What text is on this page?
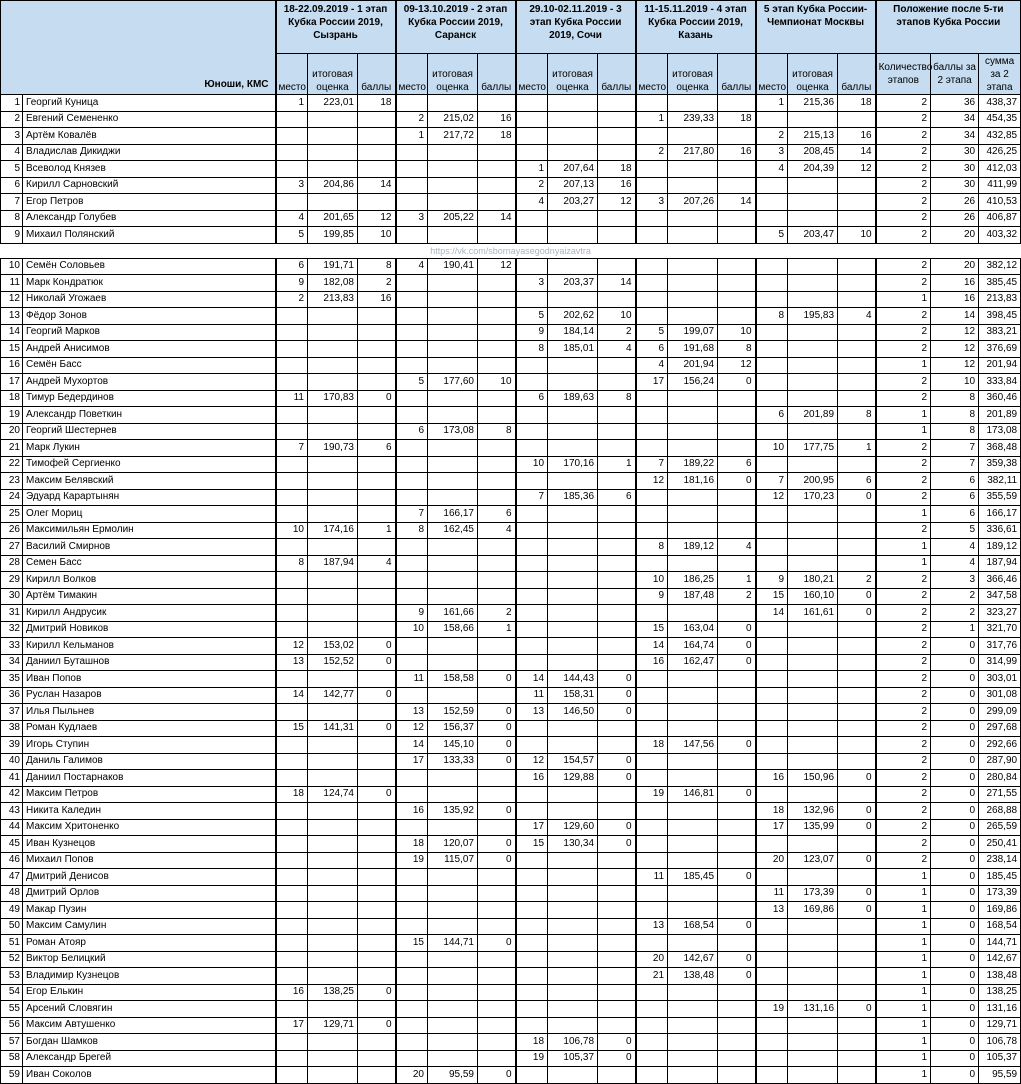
Юноши, КМС		18-22.09.2019 - 1 этап Кубка России 2019, Сызрань			09-13.10.2019 - 2 этап Кубка России 2019, Саранск			29.10-02.11.2019 - 3 этап Кубка России 2019, Сочи			11-15.11.2019 - 4 этап Кубка России 2019, Казань			5 этап Кубка России-Чемпионат Москвы			Положение после 5-ти этапов Кубка России		
		место	итоговая оценка	баллы	место	итоговая оценка	баллы	место	итоговая оценка	баллы	место	итоговая оценка	баллы	место	итоговая оценка	баллы	Количество этапов	баллы за 2 этапа	сумма за 2 этапа
1	Георгий Куница	1	223,01	18										1	215,36	18	2	36	438,37
2	Евгений Семененко				2	215,02	16				1	239,33	18				2	34	454,35
3	Артём Ковалёв				1	217,72	18							2	215,13	16	2	34	432,85
4	Владислав Дикиджи										2	217,80	16	3	208,45	14	2	30	426,25
5	Всеволод Князев							1	207,64	18				4	204,39	12	2	30	412,03
6	Кирилл Сарновский	3	204,86	14				2	207,13	16							2	30	411,99
7	Егор Петров							4	203,27	12	3	207,26	14				2	26	410,53
8	Александр Голубев	4	201,65	12	3	205,22	14										2	26	406,87
9	Михаил Полянский	5	199,85	10										5	203,47	10	2	20	403,32
https://vk.com/sbornayasegodnyaizavtra																			
10	Семён Соловьев	6	191,71	8	4	190,41	12										2	20	382,12
11	Марк Кондратюк	9	182,08	2				3	203,37	14							2	16	385,45
12	Николай Угожаев	2	213,83	16													1	16	213,83
13	Фёдор Зонов							5	202,62	10				8	195,83	4	2	14	398,45
14	Георгий Марков							9	184,14	2	5	199,07	10				2	12	383,21
15	Андрей Анисимов							8	185,01	4	6	191,68	8				2	12	376,69
16	Семён Басс										4	201,94	12				1	12	201,94
17	Андрей Мухортов				5	177,60	10				17	156,24	0				2	10	333,84
18	Тимур Бедердинов	11	170,83	0				6	189,63	8							2	8	360,46
19	Александр Поветкин													6	201,89	8	1	8	201,89
20	Георгий Шестернев				6	173,08	8										1	8	173,08
21	Марк Лукин	7	190,73	6										10	177,75	1	2	7	368,48
22	Тимофей Сергиенко							10	170,16	1	7	189,22	6				2	7	359,38
23	Максим Белявский										12	181,16	0	7	200,95	6	2	6	382,11
24	Эдуард Карартынян							7	185,36	6				12	170,23	0	2	6	355,59
25	Олег Мориц				7	166,17	6										1	6	166,17
26	Максимильян Ермолин	10	174,16	1	8	162,45	4										2	5	336,61
27	Василий Смирнов										8	189,12	4				1	4	189,12
28	Семен Басс	8	187,94	4													1	4	187,94
29	Кирилл Волков										10	186,25	1	9	180,21	2	2	3	366,46
30	Артём Тимакин										9	187,48	2	15	160,10	0	2	2	347,58
31	Кирилл Андрусик				9	161,66	2							14	161,61	0	2	2	323,27
32	Дмитрий Новиков				10	158,66	1				15	163,04	0				2	1	321,70
33	Кирилл Кельманов	12	153,02	0							14	164,74	0				2	0	317,76
34	Даниил Буташнов	13	152,52	0							16	162,47	0				2	0	314,99
35	Иван Попов				11	158,58	0	14	144,43	0							2	0	303,01
36	Руслан Назаров	14	142,77	0				11	158,31	0							2	0	301,08
37	Илья Пыльнев				13	152,59	0	13	146,50	0							2	0	299,09
38	Роман Кудлаев	15	141,31	0	12	156,37	0										2	0	297,68
39	Игорь Ступин				14	145,10	0				18	147,56	0				2	0	292,66
40	Даниль Галимов				17	133,33	0	12	154,57	0							2	0	287,90
41	Даниил Постарнаков							16	129,88	0				16	150,96	0	2	0	280,84
42	Максим Петров	18	124,74	0							19	146,81	0				2	0	271,55
43	Никита Каледин				16	135,92	0							18	132,96	0	2	0	268,88
44	Максим Хритоненко							17	129,60	0				17	135,99	0	2	0	265,59
45	Иван Кузнецов				18	120,07	0	15	130,34	0							2	0	250,41
46	Михаил Попов				19	115,07	0							20	123,07	0	2	0	238,14
47	Дмитрий Денисов										11	185,45	0				1	0	185,45
48	Дмитрий Орлов													11	173,39	0	1	0	173,39
49	Макар Пузин													13	169,86	0	1	0	169,86
50	Максим Самулин										13	168,54	0				1	0	168,54
51	Роман Атояр				15	144,71	0										1	0	144,71
52	Виктор Белицкий										20	142,67	0				1	0	142,67
53	Владимир Кузнецов										21	138,48	0				1	0	138,48
54	Егор Елькин	16	138,25	0													1	0	138,25
55	Арсений Словягин													19	131,16	0	1	0	131,16
56	Максим Автушенко	17	129,71	0													1	0	129,71
57	Богдан Шамков							18	106,78	0							1	0	106,78
58	Александр Брегей							19	105,37	0							1	0	105,37
59	Иван Соколов				20	95,59	0										1	0	95,59
